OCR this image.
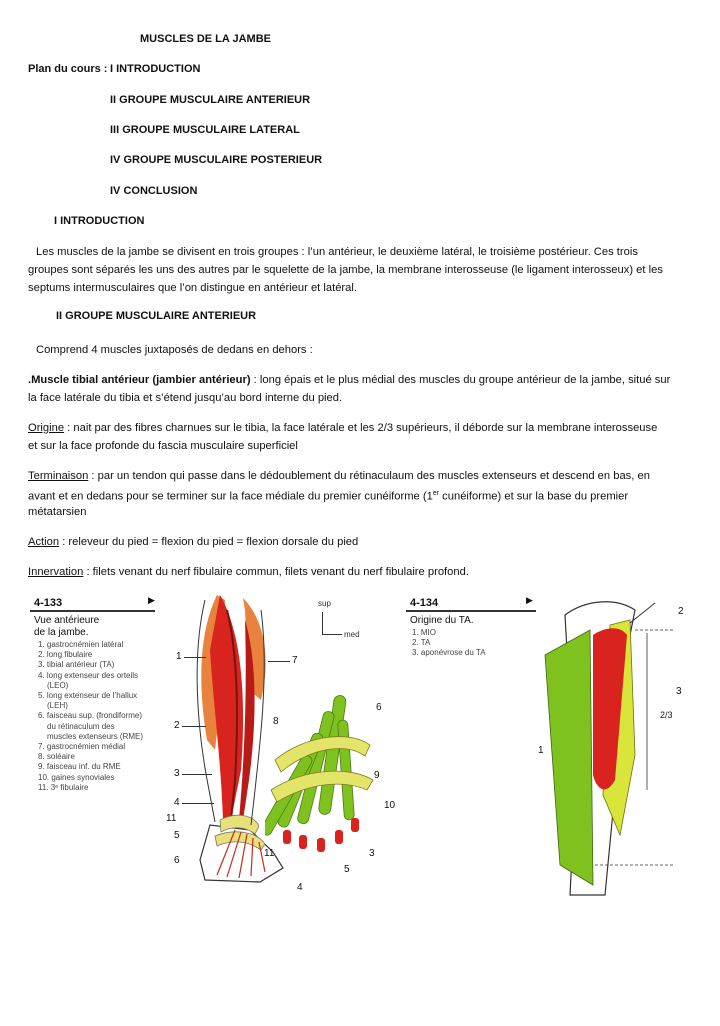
MUSCLES DE LA JAMBE
Plan du cours : I INTRODUCTION
II GROUPE MUSCULAIRE ANTERIEUR
III GROUPE MUSCULAIRE LATERAL
IV GROUPE MUSCULAIRE POSTERIEUR
IV CONCLUSION
I INTRODUCTION
Les muscles de la jambe se divisent en trois groupes : l’un antérieur, le deuxième latéral, le troisième postérieur. Ces trois
groupes sont séparés les uns des autres par le squelette de la jambe, la membrane interosseuse (le ligament interosseux) et les
septums intermusculaires que l’on distingue en antérieur et latéral.
II GROUPE MUSCULAIRE ANTERIEUR
Comprend 4 muscles juxtaposés de dedans en dehors :
.Muscle tibial antérieur (jambier antérieur) : long épais et le plus médial des muscles du groupe antérieur de la jambe, situé sur
la face latérale du tibia et s’étend jusqu’au bord interne du pied.
Origine : nait par des fibres charnues sur le tibia, la face latérale et les 2/3 supérieurs, il déborde sur la membrane interosseuse
et sur la face profonde du fascia musculaire superficiel
Terminaison : par un tendon qui passe dans le dédoublement du rétinaculaum des muscles extenseurs et descend en bas, en
avant et en dedans pour se terminer sur la face médiale du premier cunéiforme (1er cunéiforme) et sur la base du premier
métatarsien
Action : releveur du pied = flexion du pied = flexion dorsale du pied
Innervation : filets venant du nerf fibulaire commun, filets venant du nerf fibulaire profond.
4-133	▶
Vue antérieure
de la jambe.
1. gastrocnémien latéral
2. long fibulaire
3. tibial antérieur (TA)
4. long extenseur des orteils
(LEO)
5. long extenseur de l’hallux
(LEH)
6. faisceau sup. (frondiforme)
du rétinaculum des
muscles extenseurs (RME)
7. gastrocnémien médial
8. soléaire
9. faisceau inf. du RME
10. gaines synoviales
11. 3ᵉ fibulaire
4-134	▶
Origine du TA.
1. MIO
2. TA
3. aponévrose du TA
1
2
3
4
11
5
6
7
8
sup
med
6
9
10
11
4
5
3
2
3
1
2/3
